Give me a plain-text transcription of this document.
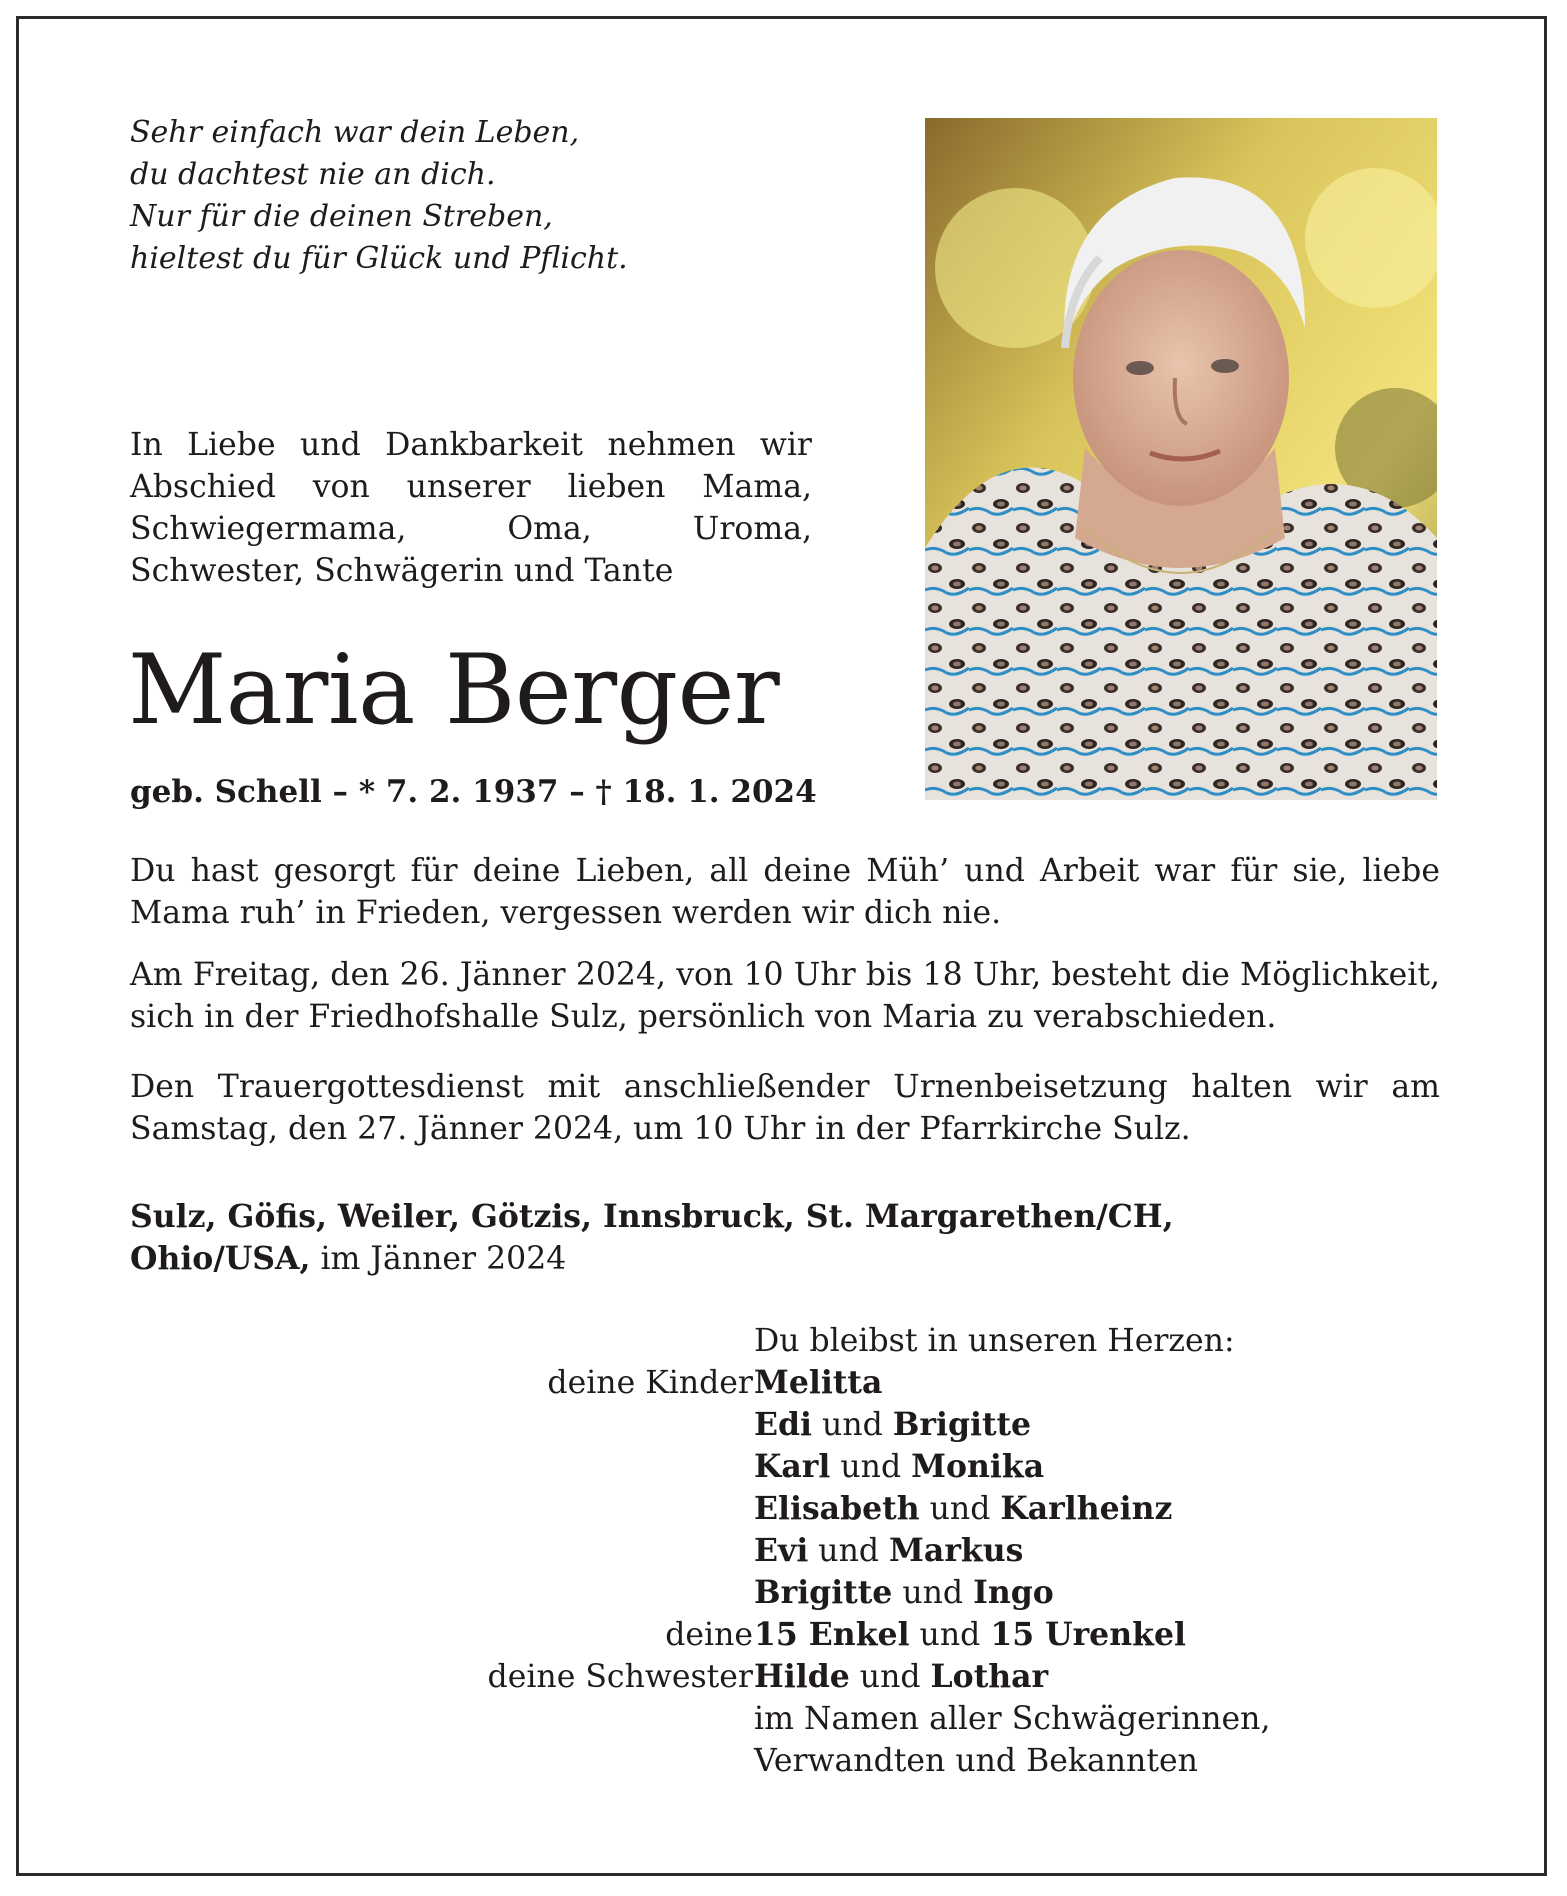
Sehr einfach war dein Leben,
du dachtest nie an dich.
Nur für die deinen Streben,
hieltest du für Glück und Pflicht.
In Liebe und Dankbarkeit nehmen wir Abschied von unserer lieben Mama, Schwiegermama, Oma, Uroma, Schwester, Schwägerin und Tante
Maria Berger
geb. Schell – * 7. 2. 1937 – † 18. 1. 2024
Du hast gesorgt für deine Lieben, all deine Müh’ und Arbeit war für sie, liebe Mama ruh’ in Frieden, vergessen werden wir dich nie.
Am Freitag, den 26. Jänner 2024, von 10 Uhr bis 18 Uhr, besteht die Möglichkeit, sich in der Friedhofshalle Sulz, persönlich von Maria zu verabschieden.
Den Trauergottesdienst mit anschließender Urnenbeisetzung halten wir am Samstag, den 27. Jänner 2024, um 10 Uhr in der Pfarrkirche Sulz.
Sulz, Göfis, Weiler, Götzis, Innsbruck, St. Margarethen/CH,
Ohio/USA, im Jänner 2024
Du bleibst in unseren Herzen:
deine Kinder Melitta
Edi und Brigitte
Karl und Monika
Elisabeth und Karlheinz
Evi und Markus
Brigitte und Ingo
deine 15 Enkel und 15 Urenkel
deine Schwester Hilde und Lothar
im Namen aller Schwägerinnen,
Verwandten und Bekannten
